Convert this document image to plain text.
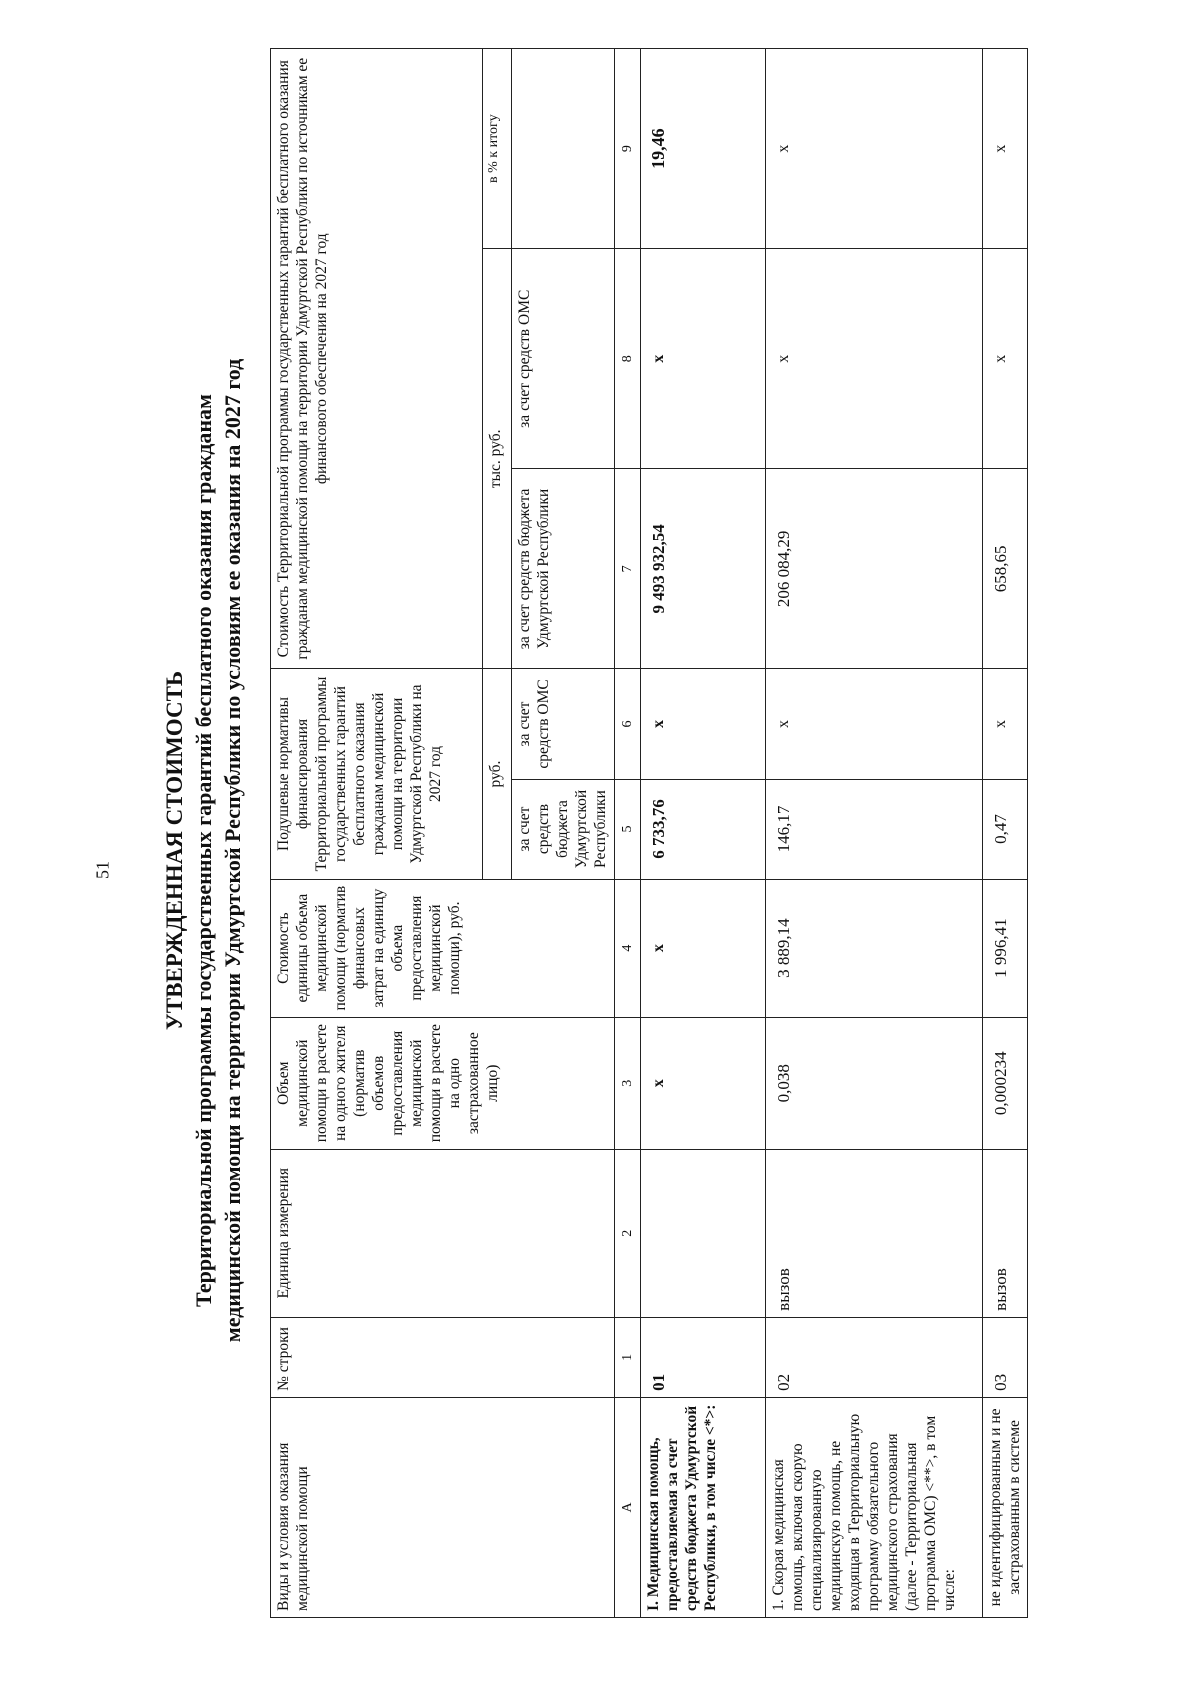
51 УТВЕРЖДЕННАЯ СТОИМОСТЬ Территориальной программы государственных гарантий бесплатного оказания гражданам медицинской помощи на территории Удмуртской Республики по условиям ее оказания на 2027 год
Виды и условия оказания медицинской помощи	№ строки	Единица измерения	Объем медицинской помощи в расчете на одного жителя (норматив объемов предоставления медицинской помощи в расчете на одно застрахованное лицо)	Стоимость единицы объема медицинской помощи (норматив финансовых затрат на единицу объема предоставления медицинской помощи), руб.	Подушевые нормативы финансирования Территориальной программы государственных гарантий бесплатного оказания гражданам медицинской помощи на территории Удмуртской Республики на 2027 год		Стоимость Территориальной программы государственных гарантий бесплатного оказания гражданам медицинской помощи на территории Удмуртской Республики по источникам ее финансового обеспечения на 2027 год		
					руб.		тыс. руб.		в % к итогу
					за счет средств бюджета Удмуртской Республики	за счет средств ОМС	за счет средств бюджета Удмуртской Республики	за счет средств ОМС	
А	1	2	3	4	5	6	7	8	9
I. Медицинская помощь, предоставляемая за счет средств бюджета Удмуртской Республики, в том числе <*>:	01		x	x	6 733,76	x	9 493 932,54	x	19,46
1. Скорая медицинская помощь, включая скорую специализированную медицинскую помощь, не входящая в Территориальную программу обязательного медицинского страхования (далее - Территориальная программа ОМС) <**>, в том числе:	02	вызов	0,038	3 889,14	146,17	x	206 084,29	x	x
не идентифицированным и не застрахованным в системе	03	вызов	0,000234	1 996,41	0,47	x	658,65	x	x
